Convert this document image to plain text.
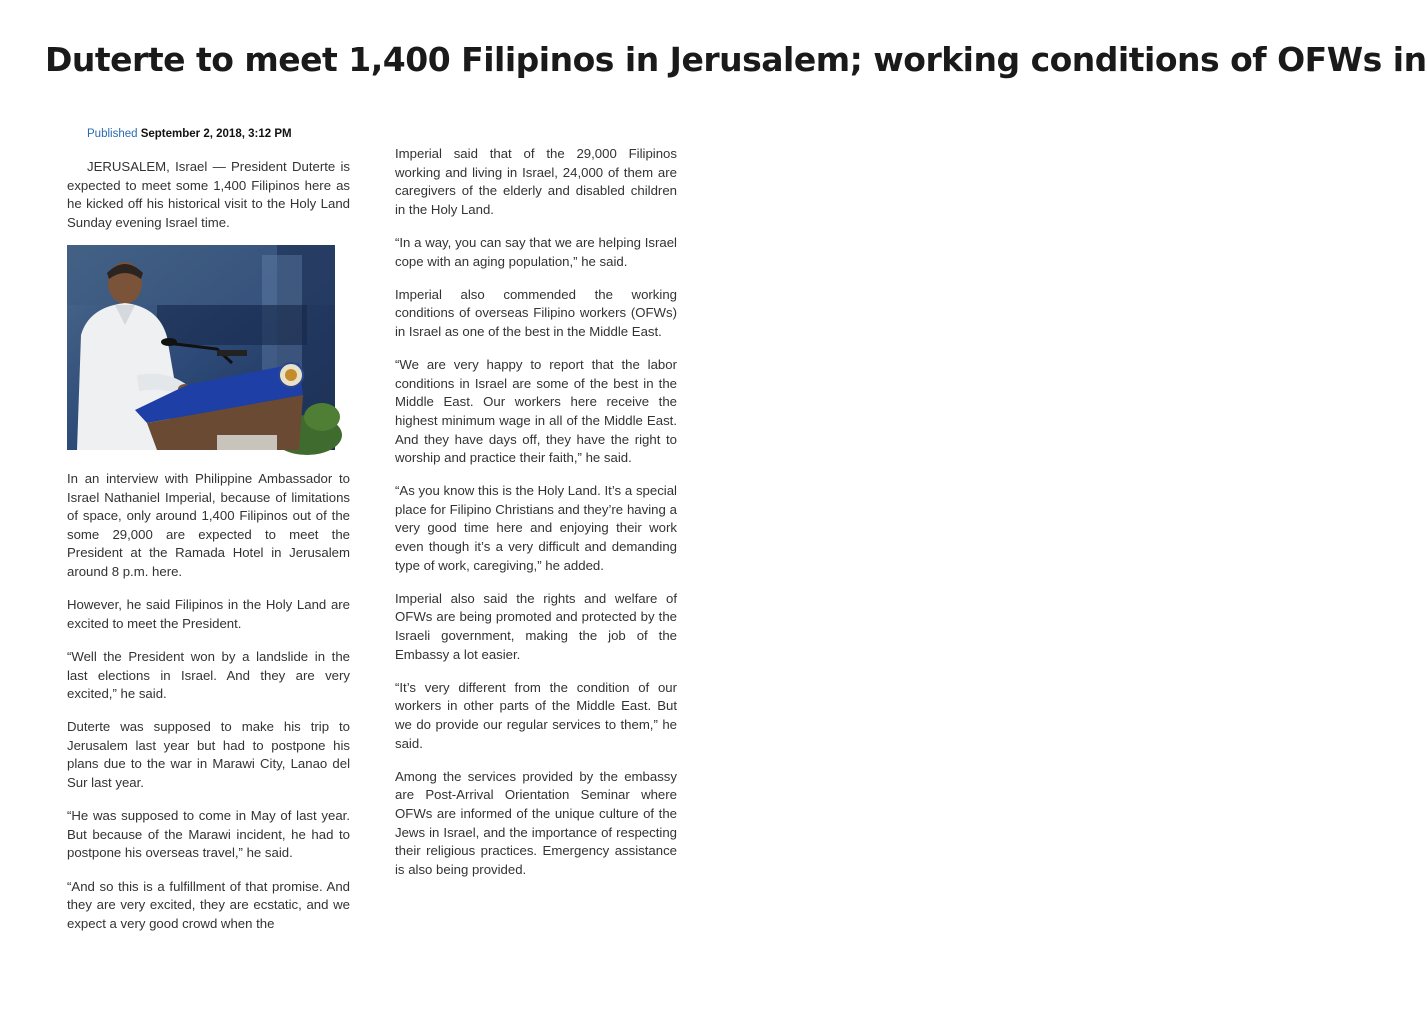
Duterte to meet 1,400 Filipinos in Jerusalem; working conditions of OFWs in
Published September 2, 2018, 3:12 PM

JERUSALEM, Israel — President Duterte is expected to meet some 1,400 Filipinos here as he kicked off his historical visit to the Holy Land Sunday evening Israel time.

In an interview with Philippine Ambassador to Israel Nathaniel Imperial, because of limitations of space, only around 1,400 Filipinos out of the some 29,000 are expected to meet the President at the Ramada Hotel in Jerusalem around 8 p.m. here.

However, he said Filipinos in the Holy Land are excited to meet the President.

“Well the President won by a landslide in the last elections in Israel. And they are very excited,” he said.

Duterte was supposed to make his trip to Jerusalem last year but had to postpone his plans due to the war in Marawi City, Lanao del Sur last year.

“He was supposed to come in May of last year. But because of the Marawi incident, he had to postpone his overseas travel,” he said.

“And so this is a fulfillment of that promise. And they are very excited, they are ecstatic, and we expect a very good crowd when the

Imperial said that of the 29,000 Filipinos working and living in Israel, 24,000 of them are caregivers of the elderly and disabled children in the Holy Land.

“In a way, you can say that we are helping Israel cope with an aging population,” he said.

Imperial also commended the working conditions of overseas Filipino workers (OFWs) in Israel as one of the best in the Middle East.

“We are very happy to report that the labor conditions in Israel are some of the best in the Middle East. Our workers here receive the highest minimum wage in all of the Middle East. And they have days off, they have the right to worship and practice their faith,” he said.

“As you know this is the Holy Land. It’s a special place for Filipino Christians and they’re having a very good time here and enjoying their work even though it’s a very difficult and demanding type of work, caregiving,” he added.

Imperial also said the rights and welfare of OFWs are being promoted and protected by the Israeli government, making the job of the Embassy a lot easier.

“It’s very different from the condition of our workers in other parts of the Middle East. But we do provide our regular services to them,” he said.

Among the services provided by the embassy are Post-Arrival Orientation Seminar where OFWs are informed of the unique culture of the Jews in Israel, and the importance of respecting their religious practices. Emergency assistance is also being provided.
